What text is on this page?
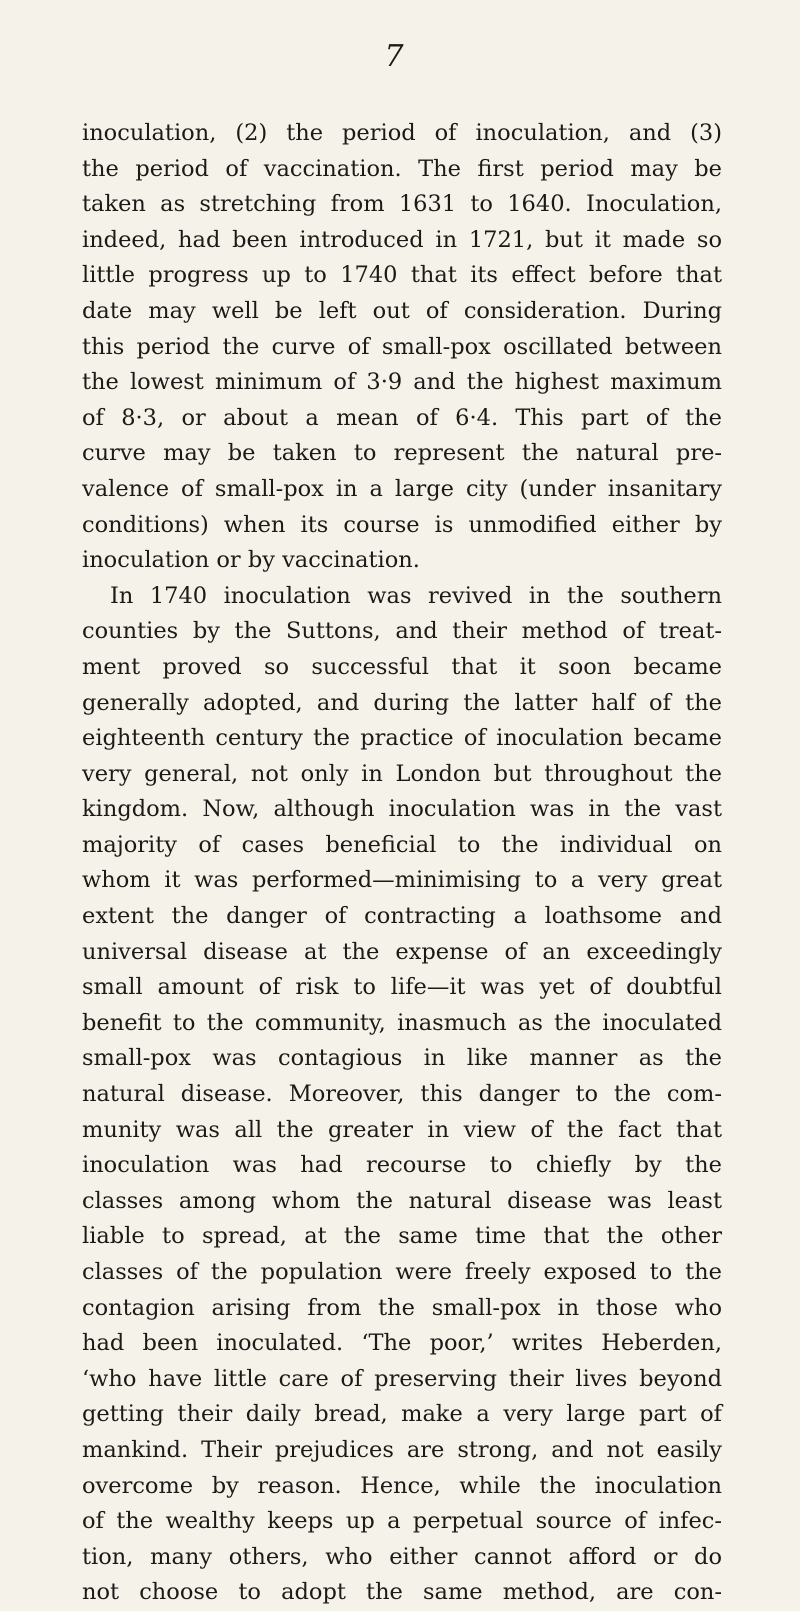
7
inoculation, (2) the period of inoculation, and (3)
the period of vaccination. The first period may be
taken as stretching from 1631 to 1640. Inoculation,
indeed, had been introduced in 1721, but it made so
little progress up to 1740 that its effect before that
date may well be left out of consideration. During
this period the curve of small-pox oscillated between
the lowest minimum of 3·9 and the highest maximum
of 8·3, or about a mean of 6·4. This part of the
curve may be taken to represent the natural pre-
valence of small-pox in a large city (under insanitary
conditions) when its course is unmodified either by
inoculation or by vaccination.
In 1740 inoculation was revived in the southern
counties by the Suttons, and their method of treat-
ment proved so successful that it soon became
generally adopted, and during the latter half of the
eighteenth century the practice of inoculation became
very general, not only in London but throughout the
kingdom. Now, although inoculation was in the vast
majority of cases beneficial to the individual on
whom it was performed—minimising to a very great
extent the danger of contracting a loathsome and
universal disease at the expense of an exceedingly
small amount of risk to life—it was yet of doubtful
benefit to the community, inasmuch as the inoculated
small-pox was contagious in like manner as the
natural disease. Moreover, this danger to the com-
munity was all the greater in view of the fact that
inoculation was had recourse to chiefly by the
classes among whom the natural disease was least
liable to spread, at the same time that the other
classes of the population were freely exposed to the
contagion arising from the small-pox in those who
had been inoculated. ‘The poor,’ writes Heberden,
‘who have little care of preserving their lives beyond
getting their daily bread, make a very large part of
mankind. Their prejudices are strong, and not easily
overcome by reason. Hence, while the inoculation
of the wealthy keeps up a perpetual source of infec-
tion, many others, who either cannot afford or do
not choose to adopt the same method, are con-
